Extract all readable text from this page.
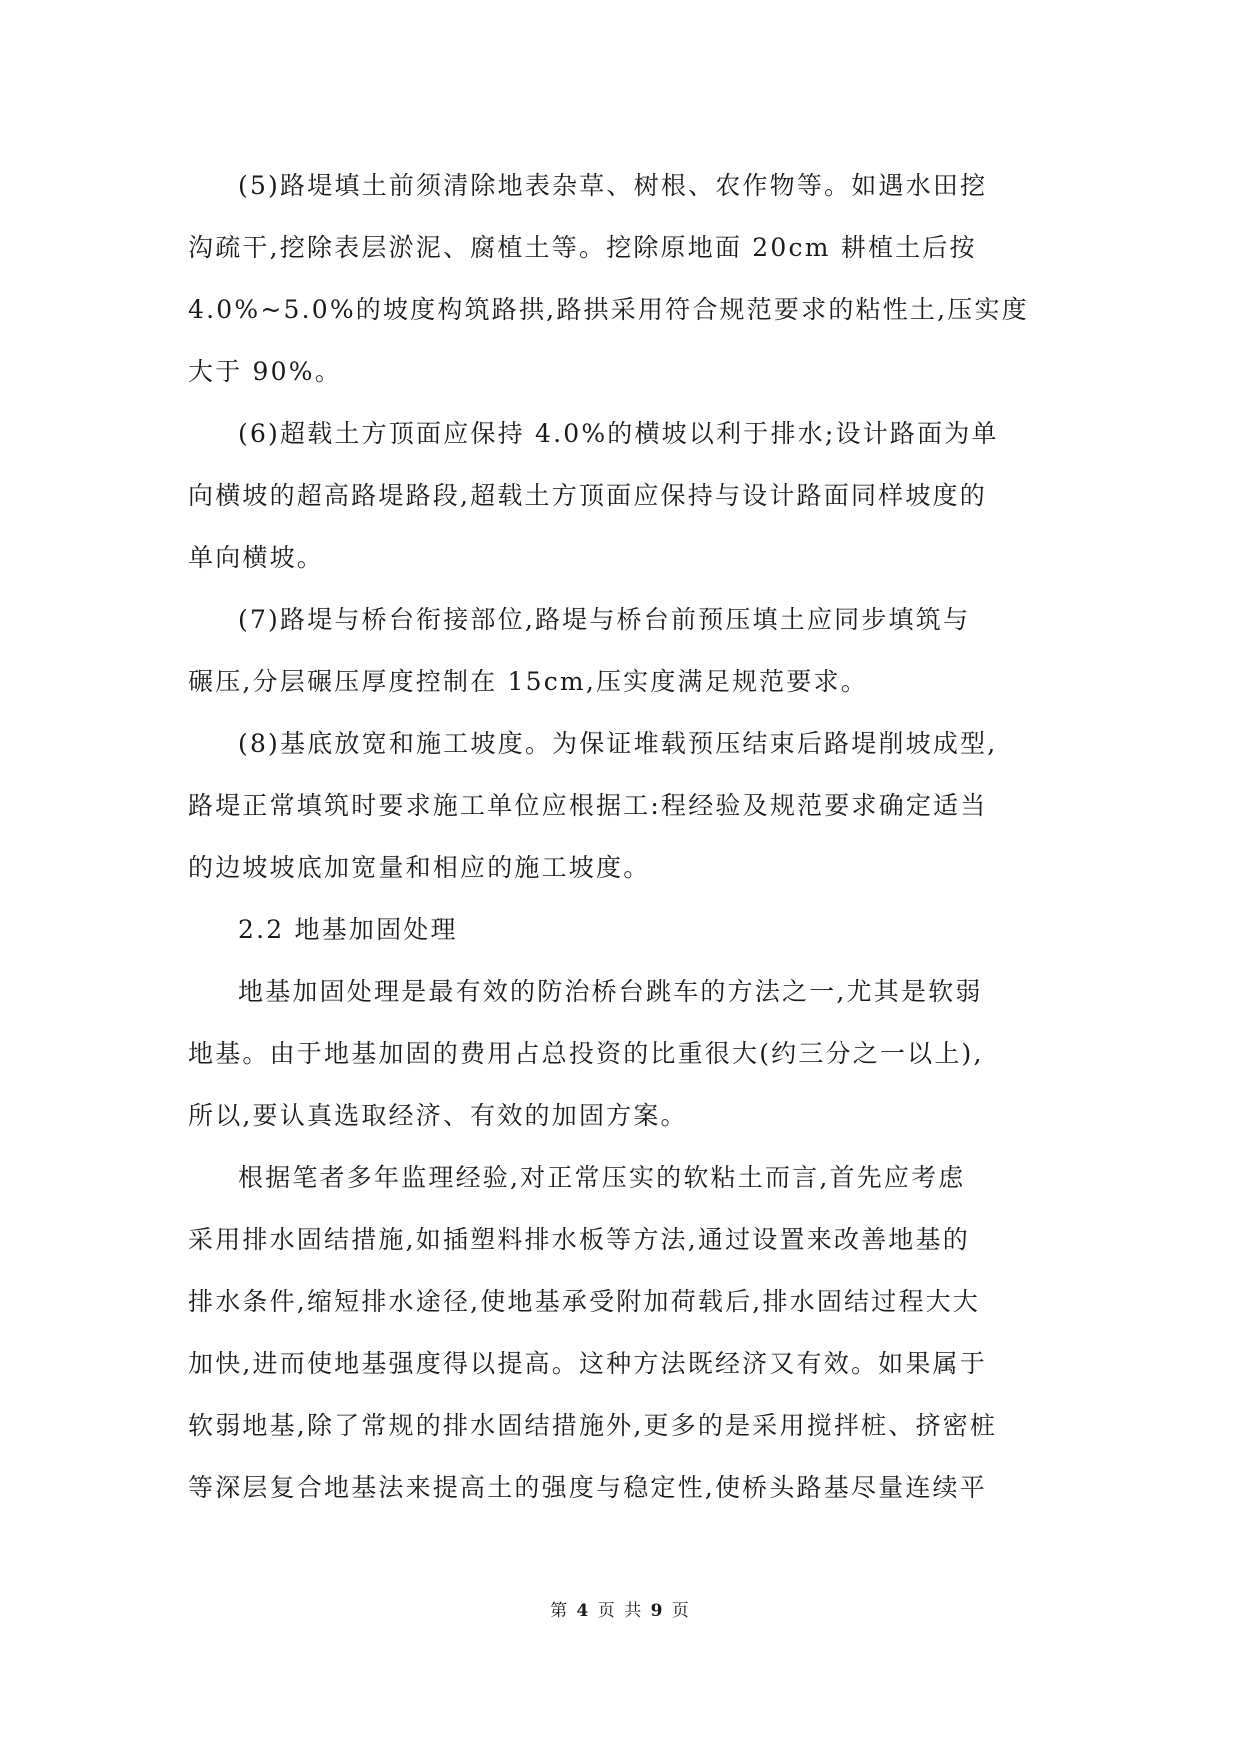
(5)路堤填土前须清除地表杂草、树根、农作物等。如遇水田挖
沟疏干,挖除表层淤泥、腐植土等。挖除原地面 20cm 耕植土后按
4.0%~5.0%的坡度构筑路拱,路拱采用符合规范要求的粘性土,压实度
大于 90%。

(6)超载土方顶面应保持 4.0%的横坡以利于排水;设计路面为单
向横坡的超高路堤路段,超载土方顶面应保持与设计路面同样坡度的
单向横坡。

(7)路堤与桥台衔接部位,路堤与桥台前预压填土应同步填筑与
碾压,分层碾压厚度控制在 15cm,压实度满足规范要求。

(8)基底放宽和施工坡度。为保证堆载预压结束后路堤削坡成型,
路堤正常填筑时要求施工单位应根据工:程经验及规范要求确定适当
的边坡坡底加宽量和相应的施工坡度。

2.2 地基加固处理

地基加固处理是最有效的防治桥台跳车的方法之一,尤其是软弱
地基。由于地基加固的费用占总投资的比重很大(约三分之一以上),
所以,要认真选取经济、有效的加固方案。

根据笔者多年监理经验,对正常压实的软粘土而言,首先应考虑
采用排水固结措施,如插塑料排水板等方法,通过设置来改善地基的
排水条件,缩短排水途径,使地基承受附加荷载后,排水固结过程大大
加快,进而使地基强度得以提高。这种方法既经济又有效。如果属于
软弱地基,除了常规的排水固结措施外,更多的是采用搅拌桩、挤密桩
等深层复合地基法来提高土的强度与稳定性,使桥头路基尽量连续平

第 4 页 共 9 页
